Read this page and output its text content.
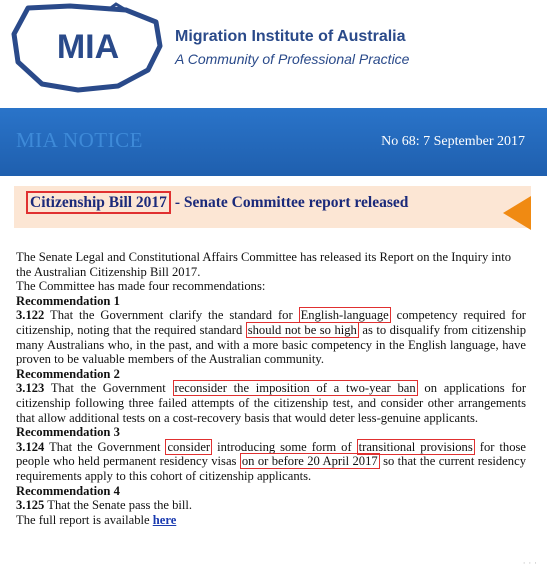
MIA	Migration Institute of Australia
A Community of Professional Practice
MIA NOTICE	No 68: 7 September 2017
Citizenship Bill 2017 - Senate Committee report released

The Senate Legal and Constitutional Affairs Committee has released its Report on the Inquiry into the Australian Citizenship Bill 2017.

The Committee has made four recommendations:

Recommendation 1

3.122 That the Government clarify the standard for English-language competency required for citizenship, noting that the required standard should not be so high as to disqualify from citizenship many Australians who, in the past, and with a more basic competency in the English language, have proven to be valuable members of the Australian community.

Recommendation 2

3.123 That the Government reconsider the imposition of a two-year ban on applications for citizenship following three failed attempts of the citizenship test, and consider other arrangements that allow additional tests on a cost-recovery basis that would deter less-genuine applicants.

Recommendation 3

3.124 That the Government consider introducing some form of transitional provisions for those people who held permanent residency visas on or before 20 April 2017 so that the current residency requirements apply to this cohort of citizenship applicants.

Recommendation 4

3.125 That the Senate pass the bill.

The full report is available here

· · ·
